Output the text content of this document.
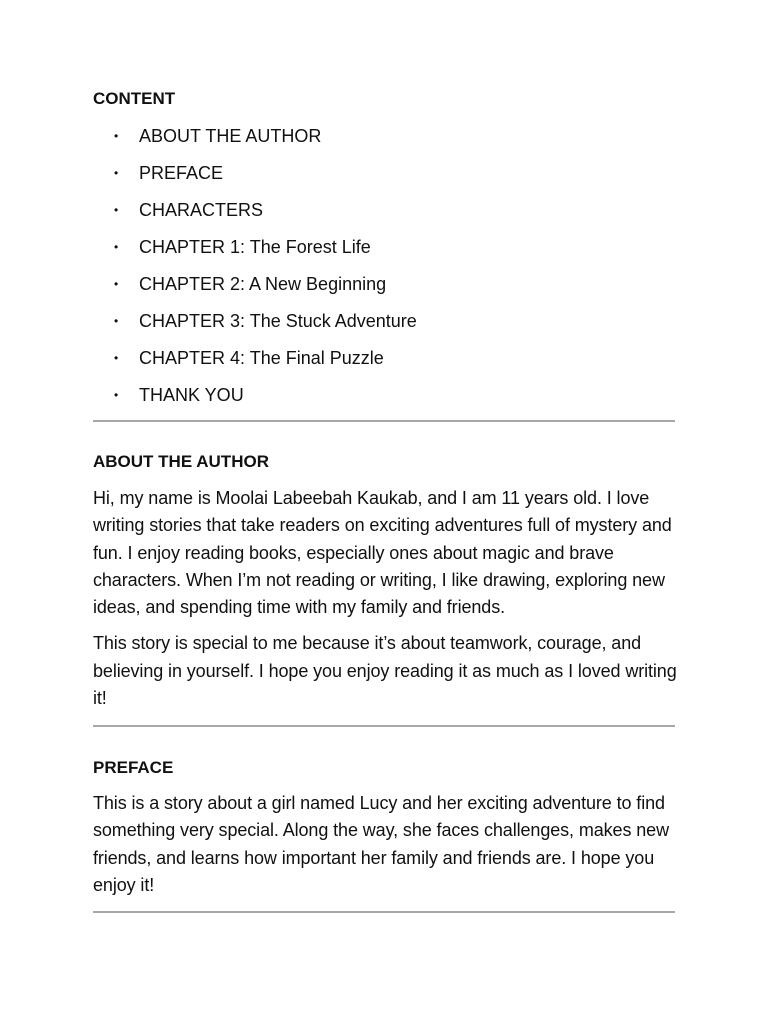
CONTENT
• ABOUT THE AUTHOR
• PREFACE
• CHARACTERS
• CHAPTER 1: The Forest Life
• CHAPTER 2: A New Beginning
• CHAPTER 3: The Stuck Adventure
• CHAPTER 4: The Final Puzzle
• THANK YOU
ABOUT THE AUTHOR

Hi, my name is Moolai Labeebah Kaukab, and I am 11 years old. I love writing stories that take readers on exciting adventures full of mystery and fun. I enjoy reading books, especially ones about magic and brave characters. When I’m not reading or writing, I like drawing, exploring new ideas, and spending time with my family and friends.

This story is special to me because it’s about teamwork, courage, and believing in yourself. I hope you enjoy reading it as much as I loved writing it!

PREFACE

This is a story about a girl named Lucy and her exciting adventure to find something very special. Along the way, she faces challenges, makes new friends, and learns how important her family and friends are. I hope you enjoy it!
